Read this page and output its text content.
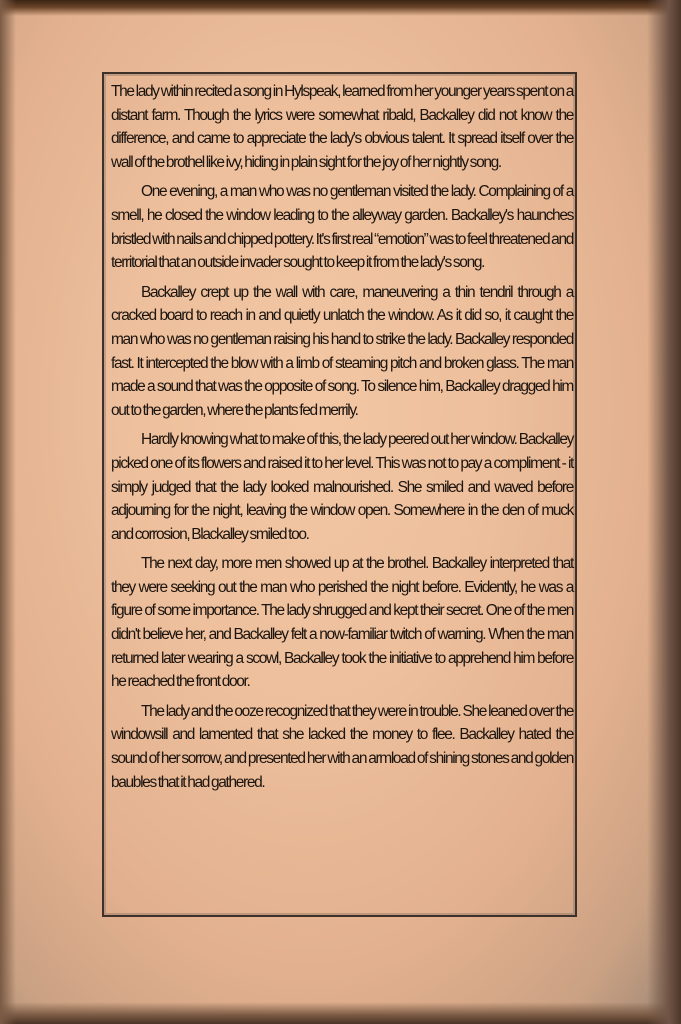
The lady within recited a song in Hylspeak, learned from her younger years spent on a distant farm. Though the lyrics were somewhat ribald, Backalley did not know the difference, and came to appreciate the lady's obvious talent. It spread itself over the wall of the brothel like ivy, hiding in plain sight for the joy of her nightly song.

One evening, a man who was no gentleman visited the lady. Complaining of a smell, he closed the window leading to the alleyway garden. Backalley's haunches bristled with nails and chipped pottery. It's first real “emotion” was to feel threatened and territorial that an outside invader sought to keep it from the lady's song.

Backalley crept up the wall with care, maneuvering a thin tendril through a cracked board to reach in and quietly unlatch the window. As it did so, it caught the man who was no gentleman raising his hand to strike the lady. Backalley responded fast. It intercepted the blow with a limb of steaming pitch and broken glass. The man made a sound that was the opposite of song. To silence him, Backalley dragged him out to the garden, where the plants fed merrily.

Hardly knowing what to make of this, the lady peered out her window. Backalley picked one of its flowers and raised it to her level. This was not to pay a compliment - it simply judged that the lady looked malnourished. She smiled and waved before adjourning for the night, leaving the window open. Somewhere in the den of muck and corrosion, Blackalley smiled too.

The next day, more men showed up at the brothel. Backalley interpreted that they were seeking out the man who perished the night before. Evidently, he was a figure of some importance. The lady shrugged and kept their secret. One of the men didn't believe her, and Backalley felt a now-familiar twitch of warning. When the man returned later wearing a scowl, Backalley took the initiative to apprehend him before he reached the front door.

The lady and the ooze recognized that they were in trouble. She leaned over the windowsill and lamented that she lacked the money to flee. Backalley hated the sound of her sorrow, and presented her with an armload of shining stones and golden baubles that it had gathered.
